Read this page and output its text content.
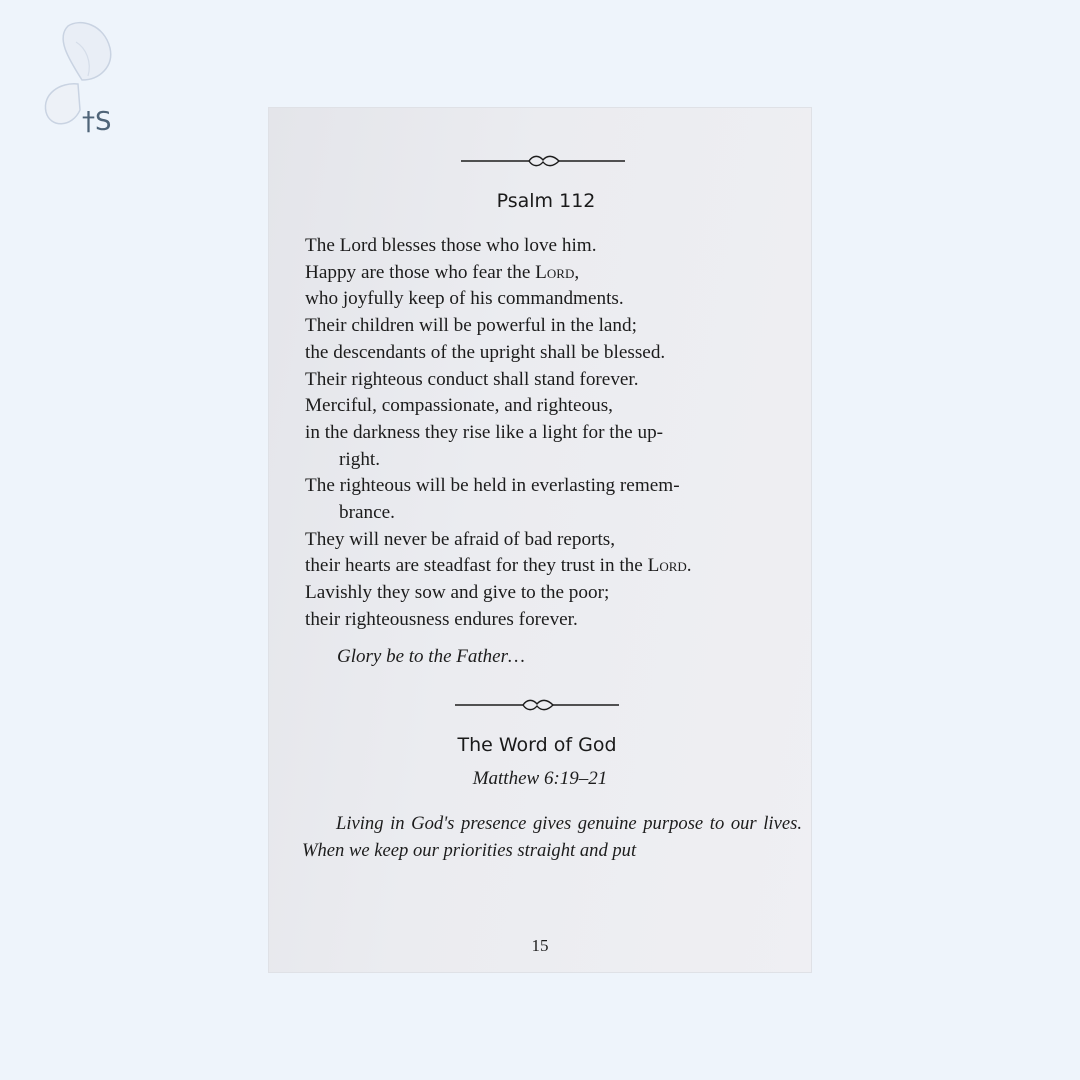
†S
Psalm 112
The Lord blesses those who love him.
Happy are those who fear the Lord,
who joyfully keep of his commandments.
Their children will be powerful in the land;
the descendants of the upright shall be blessed.
Their righteous conduct shall stand forever.
Merciful, compassionate, and righteous,
in the darkness they rise like a light for the up-
right.
The righteous will be held in everlasting remem-
brance.
They will never be afraid of bad reports,
their hearts are steadfast for they trust in the Lord.
Lavishly they sow and give to the poor;
their righteousness endures forever.

Glory be to the Father…

The Word of God

Matthew 6:19–21

Living in God's presence gives genuine purpose to our lives. When we keep our priorities straight and put

15
